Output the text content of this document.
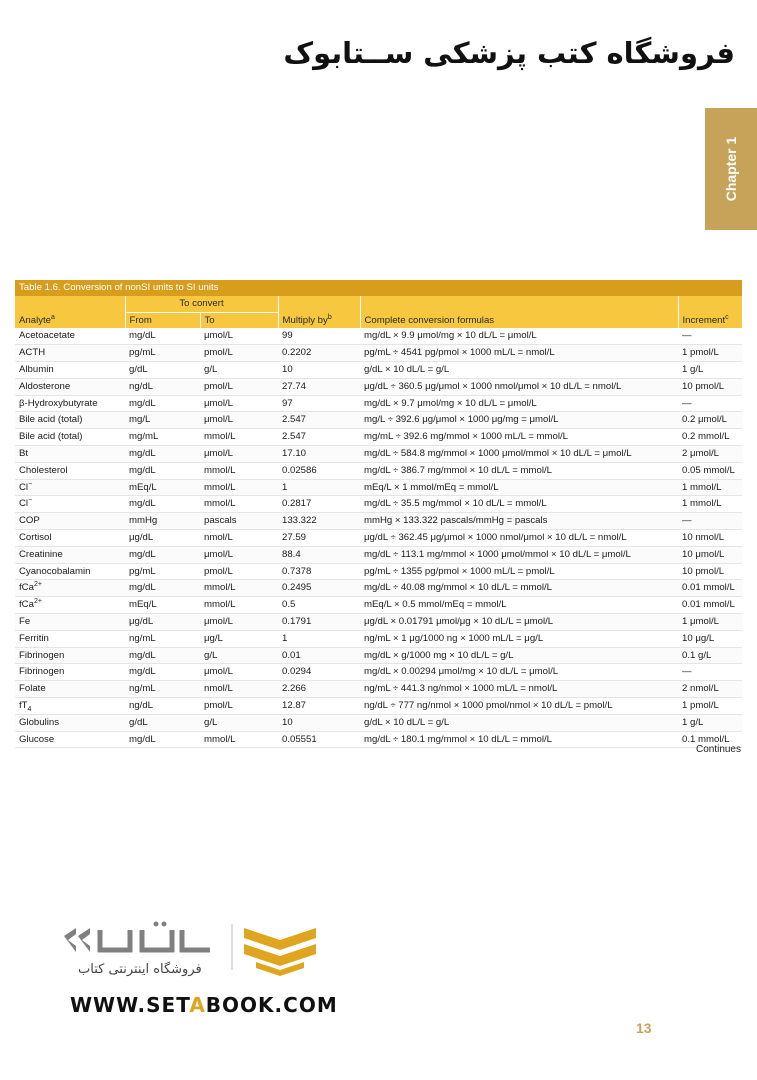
فروشگاه کتب پزشکی ســتابوک
Chapter 1
Table 1.6. Conversion of nonSI units to SI units					
Analyte$^a$	To convert		Multiply $by^b$	Complete conversion formulas	Increment$^c$
	From	To			
Acetoacetate	mg/dL	μmol/L	99	mg/dL × 9.9 μmol/mg × 10 dL/L = μmol/L	—
ACTH	pg/mL	pmol/L	0.2202	pg/mL ÷ 4541 pg/pmol × 1000 mL/L = nmol/L	1 pmol/L
Albumin	g/dL	g/L	10	g/dL × 10 dL/L = g/L	1 g/L
Aldosterone	ng/dL	pmol/L	27.74	μg/dL ÷ 360.5 μg/μmol × 1000 nmol/μmol × 10 dL/L = nmol/L	10 pmol/L
β-Hydroxybutyrate	mg/dL	μmol/L	97	mg/dL × 9.7 μmol/mg × 10 dL/L = μmol/L	—
Bile acid (total)	mg/L	μmol/L	2.547	mg/L ÷ 392.6 μg/μmol × 1000 μg/mg = μmol/L	0.2 μmol/L
Bile acid (total)	mg/mL	mmol/L	2.547	mg/mL ÷ 392.6 mg/mmol × 1000 mL/L = mmol/L	0.2 mmol/L
Bt	mg/dL	μmol/L	17.10	mg/dL ÷ 584.8 mg/mmol × 1000 μmol/mmol × 10 dL/L = μmol/L	2 μmol/L
Cholesterol	mg/dL	mmol/L	0.02586	mg/dL ÷ 386.7 mg/mmol × 10 dL/L = mmol/L	0.05 mmol/L
Cl−	mEq/L	mmol/L	1	mEq/L × 1 mmol/mEq = mmol/L	1 mmol/L
Cl−	mg/dL	mmol/L	0.2817	mg/dL ÷ 35.5 mg/mmol × 10 dL/L = mmol/L	1 mmol/L
COP	mmHg	pascals	133.322	mmHg × 133.322 pascals/mmHg = pascals	—
Cortisol	μg/dL	nmol/L	27.59	μg/dL ÷ 362.45 μg/μmol × 1000 nmol/μmol × 10 dL/L = nmol/L	10 nmol/L
Creatinine	mg/dL	μmol/L	88.4	mg/dL ÷ 113.1 mg/mmol × 1000 μmol/mmol × 10 dL/L = μmol/L	10 μmol/L
Cyanocobalamin	pg/mL	pmol/L	0.7378	pg/mL ÷ 1355 pg/pmol × 1000 mL/L = pmol/L	10 pmol/L
fCa$^{2+}$	mg/dL	mmol/L	0.2495	mg/dL ÷ 40.08 mg/mmol × 10 dL/L = mmol/L	0.01 mmol/L
fCa$^{2+}$	mEq/L	mmol/L	0.5	mEq/L × 0.5 mmol/mEq = mmol/L	0.01 mmol/L
Fe	μg/dL	μmol/L	0.1791	μg/dL × 0.01791 μmol/μg × 10 dL/L = μmol/L	1 μmol/L
Ferritin	ng/mL	μg/L	1	ng/mL × 1 μg/1000 ng × 1000 mL/L = μg/L	10 μg/L
Fibrinogen	mg/dL	g/L	0.01	mg/dL × g/1000 mg × 10 dL/L = g/L	0.1 g/L
Fibrinogen	mg/dL	μmol/L	0.0294	mg/dL × 0.00294 μmol/mg × 10 dL/L = μmol/L	—
Folate	ng/mL	nmol/L	2.266	ng/mL ÷ 441.3 ng/nmol × 1000 mL/L = nmol/L	2 nmol/L
$fT_4$	ng/dL	pmol/L	12.87	ng/dL ÷ 777 ng/nmol × 1000 pmol/nmol × 10 dL/L = pmol/L	1 pmol/L
Globulins	g/dL	g/L	10	g/dL × 10 dL/L = g/L	1 g/L
Glucose	mg/dL	mmol/L	0.05551	mg/dL ÷ 180.1 mg/mmol × 10 dL/L = mmol/L	0.1 mmol/L
Continues
فروشگاه اینترنتی کتاب
WWW.SETABOOK.COM
13
